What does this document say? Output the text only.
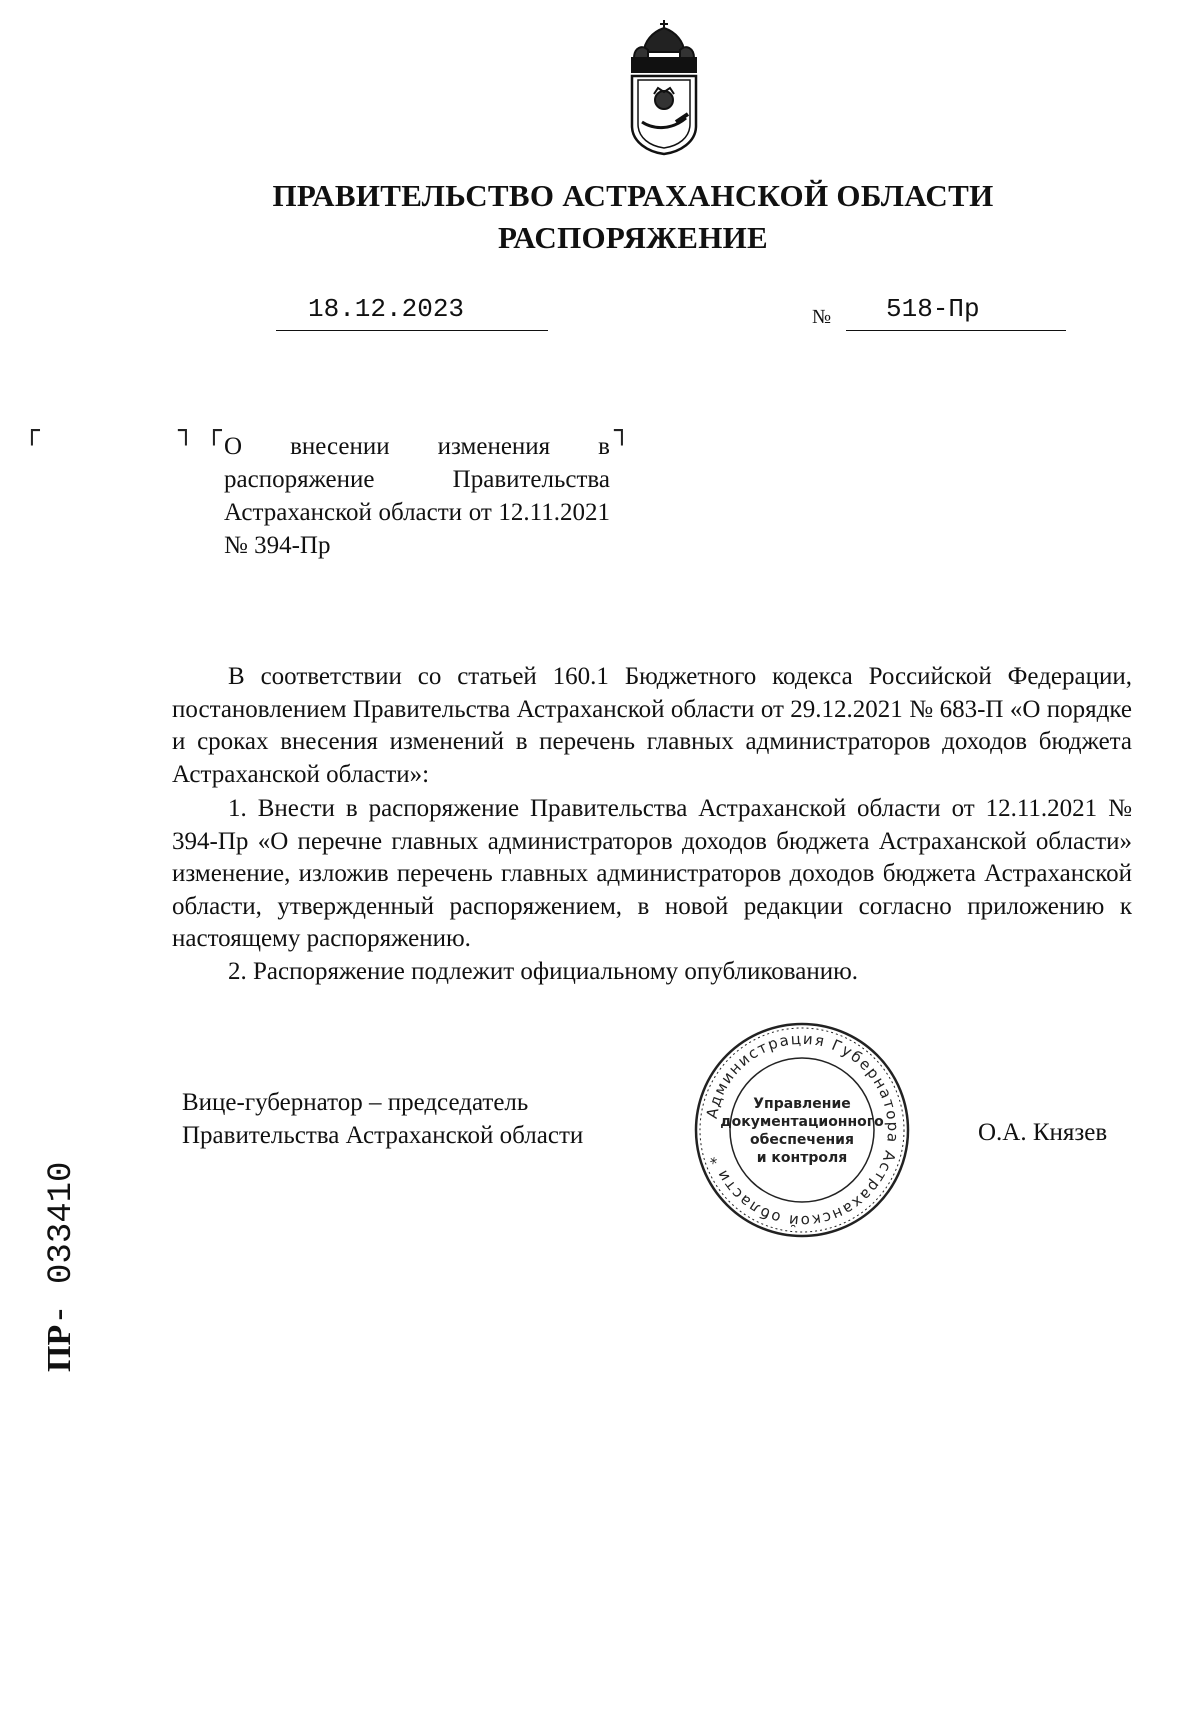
ПРАВИТЕЛЬСТВО АСТРАХАНСКОЙ ОБЛАСТИ
РАСПОРЯЖЕНИЕ
18.12.2023	№ 518-Пр
┌	┐ ┌	┐

О внесении изменения в распоряжение Правительства Астраханской области от 12.11.2021 № 394-Пр

В соответствии со статьей 160.1 Бюджетного кодекса Российской Федерации, постановлением Правительства Астраханской области от 29.12.2021 № 683-П «О порядке и сроках внесения изменений в перечень главных администраторов доходов бюджета Астраханской области»:

1. Внести в распоряжение Правительства Астраханской области от 12.11.2021 № 394-Пр «О перечне главных администраторов доходов бюджета Астраханской области» изменение, изложив перечень главных администраторов доходов бюджета Астраханской области, утвержденный распоряжением, в новой редакции согласно приложению к настоящему распоряжению.

2. Распоряжение подлежит официальному опубликованию.

Вице-губернатор – председатель
Правительства Астраханской области

Администрация Губернатора Астраханской области *
Управление
документационного
обеспечения
и контроля
О.А. Князев
ПР- 033410
